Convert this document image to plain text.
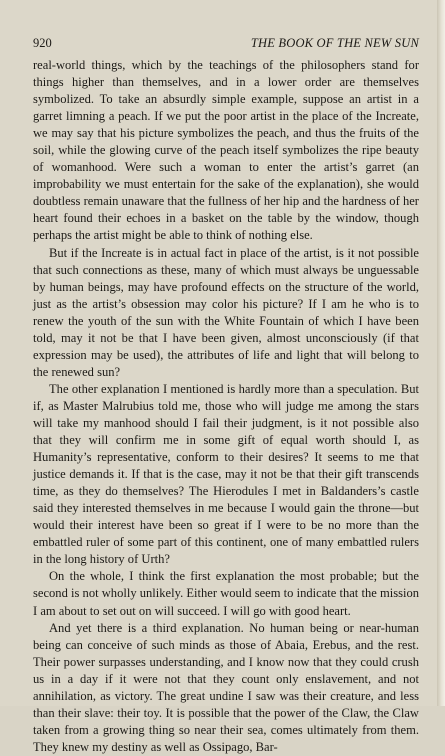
920	THE BOOK OF THE NEW SUN

real-world things, which by the teachings of the philosophers stand for things higher than themselves, and in a lower order are themselves symbolized. To take an absurdly simple example, suppose an artist in a garret limning a peach. If we put the poor artist in the place of the Increate, we may say that his picture symbolizes the peach, and thus the fruits of the soil, while the glowing curve of the peach itself symbolizes the ripe beauty of womanhood. Were such a woman to enter the artist’s garret (an improbability we must entertain for the sake of the explanation), she would doubtless remain unaware that the fullness of her hip and the hardness of her heart found their echoes in a basket on the table by the window, though perhaps the artist might be able to think of nothing else.

But if the Increate is in actual fact in place of the artist, is it not possible that such connections as these, many of which must always be unguessable by human beings, may have profound effects on the structure of the world, just as the artist’s obsession may color his picture? If I am he who is to renew the youth of the sun with the White Fountain of which I have been told, may it not be that I have been given, almost unconsciously (if that expression may be used), the attributes of life and light that will belong to the renewed sun?

The other explanation I mentioned is hardly more than a speculation. But if, as Master Malrubius told me, those who will judge me among the stars will take my manhood should I fail their judgment, is it not possible also that they will confirm me in some gift of equal worth should I, as Humanity’s representative, conform to their desires? It seems to me that justice demands it. If that is the case, may it not be that their gift transcends time, as they do themselves? The Hierodules I met in Baldanders’s castle said they interested themselves in me because I would gain the throne—but would their interest have been so great if I were to be no more than the embattled ruler of some part of this continent, one of many embattled rulers in the long history of Urth?

On the whole, I think the first explanation the most probable; but the second is not wholly unlikely. Either would seem to indicate that the mission I am about to set out on will succeed. I will go with good heart.

And yet there is a third explanation. No human being or near-human being can conceive of such minds as those of Abaia, Erebus, and the rest. Their power surpasses understanding, and I know now that they could crush us in a day if it were not that they count only enslavement, and not annihilation, as victory. The great undine I saw was their creature, and less than their slave: their toy. It is possible that the power of the Claw, the Claw taken from a growing thing so near their sea, comes ultimately from them. They knew my destiny as well as Ossipago, Bar-
